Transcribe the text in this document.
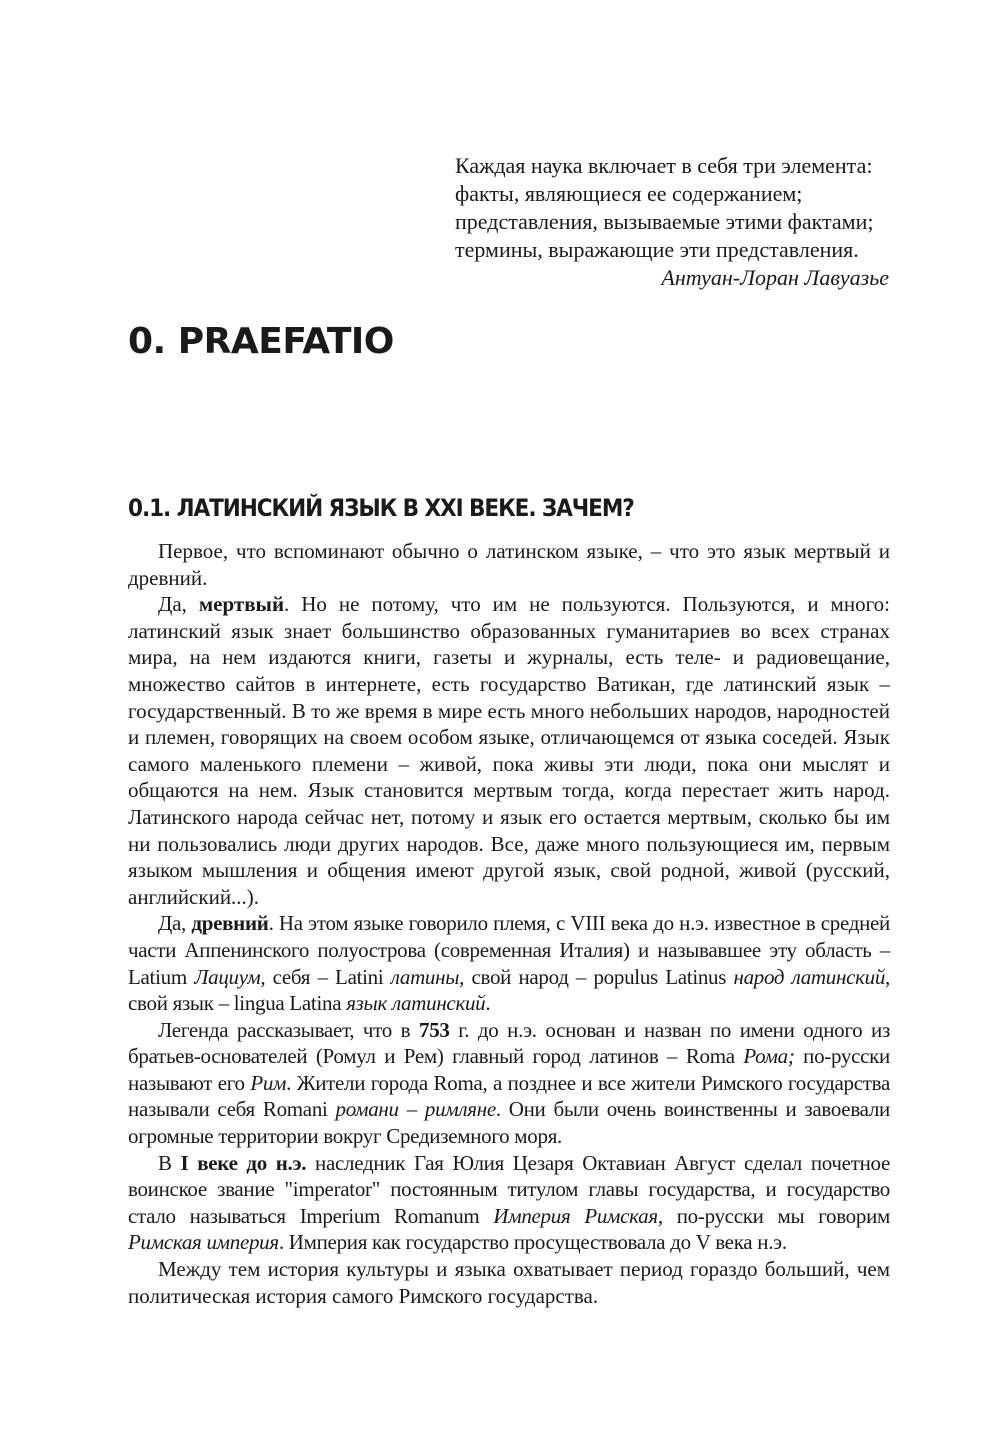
Каждая наука включает в себя три элемента:
факты, являющиеся ее содержанием;
представления, вызываемые этими фактами;
термины, выражающие эти представления.
Антуан-Лоран Лавуазье
0. PRAEFATIO
0.1. ЛАТИНСКИЙ ЯЗЫК В XXI ВЕКЕ. ЗАЧЕМ?

Первое, что вспоминают обычно о латинском языке, – что это язык мертвый и древний.

Да, мертвый. Но не потому, что им не пользуются. Пользуются, и много: латинский язык знает большинство образованных гуманитариев во всех странах мира, на нем издаются книги, газеты и журналы, есть теле- и радиовещание, множество сайтов в интернете, есть государство Ватикан, где латинский язык – государственный. В то же время в мире есть много небольших народов, народностей и племен, говорящих на своем особом языке, отличающемся от языка соседей. Язык самого маленького племени – живой, пока живы эти люди, пока они мыслят и общаются на нем. Язык становится мертвым тогда, когда перестает жить народ. Латинского народа сейчас нет, потому и язык его остается мертвым, сколько бы им ни пользовались люди других народов. Все, даже много пользующиеся им, первым языком мышления и общения имеют другой язык, свой родной, живой (русский, английский...).

Да, древний. На этом языке говорило племя, с VIII века до н.э. известное в средней части Аппенинского полуострова (современная Италия) и называвшее эту область – Latium Лациум, себя – Latini латины, свой народ – populus Latinus народ латинский, свой язык – lingua Latina язык латинский.

Легенда рассказывает, что в 753 г. до н.э. основан и назван по имени одного из братьев-основателей (Ромул и Рем) главный город латинов – Roma Рома; по-русски называют его Рим. Жители города Roma, а позднее и все жители Римского государства называли себя Romani романи – римляне. Они были очень воинственны и завоевали огромные территории вокруг Средиземного моря.

В I веке до н.э. наследник Гая Юлия Цезаря Октавиан Август сделал почетное воинское звание "imperator" постоянным титулом главы государства, и государство стало называться Imperium Romanum Империя Римская, по-русски мы говорим Римская империя. Империя как государство просуществовала до V века н.э.

Между тем история культуры и языка охватывает период гораздо больший, чем политическая история самого Римского государства.
